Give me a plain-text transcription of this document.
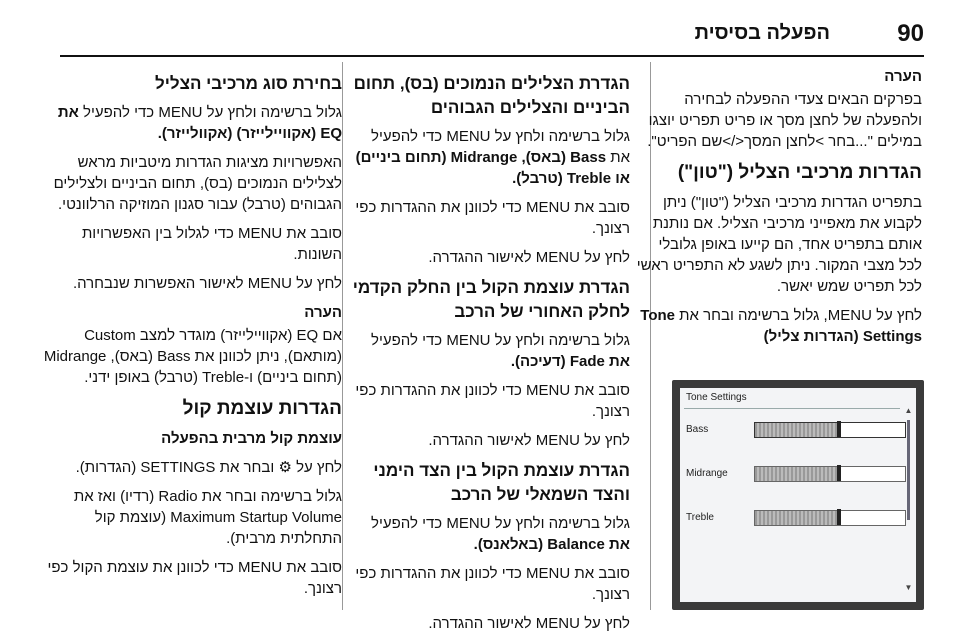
הפעלה בסיסית	90
הערה

בפרקים הבאים צעדי ההפעלה לבחירה ולהפעלה של לחצן מסך או פריט תפריט יוצגו במילים "...בחר >לחצן המסך</>שם הפריט".

הגדרות מרכיבי הצליל ("טון")

בתפריט הגדרות מרכיבי הצליל ("טון") ניתן לקבוע את מאפייני מרכיבי הצליל. אם נותנת אותם בתפריט אחד, הם קייעו באופן גלובלי לכל מצבי המקור. ניתן לשגע לא התפריט ראשי לכל תפריט שמש יאשר.

לחץ על MENU, גלול ברשימה ובחר את Tone Settings (הגדרות צליל)

Tone Settings
▲
▼
Bass
Midrange
Treble
הגדרת הצלילים הנמוכים (בס), תחום הביניים והצלילים הגבוהים

גלול ברשימה ולחץ על MENU כדי להפעיל את Bass (באס), Midrange (תחום ביניים) או Treble (טרבל).

סובב את MENU כדי לכוונן את ההגדרות כפי רצונך.

לחץ על MENU לאישור ההגדרה.

הגדרת עוצמת הקול בין החלק הקדמי לחלק האחורי של הרכב

גלול ברשימה ולחץ על MENU כדי להפעיל את Fade (דעיכה).

סובב את MENU כדי לכוונן את ההגדרות כפי רצונך.

לחץ על MENU לאישור ההגדרה.

הגדרת עוצמת הקול בין הצד הימני והצד השמאלי של הרכב

גלול ברשימה ולחץ על MENU כדי להפעיל את Balance (באלאנס).

סובב את MENU כדי לכוונן את ההגדרות כפי רצונך.

לחץ על MENU לאישור ההגדרה.

בחירת סוג מרכיבי הצליל

גלול ברשימה ולחץ על MENU כדי להפעיל את EQ (אקוויילייזר) (אקוולייזר).

האפשרויות מציגות הגדרות מיטביות מראש לצלילים הנמוכים (בס), תחום הביניים ולצלילים הגבוהים (טרבל) עבור סגנון המוזיקה הרלוונטי.

סובב את MENU כדי לגלול בין האפשרויות השונות.

לחץ על MENU לאישור האפשרות שנבחרה.

הערה

אם EQ (אקוויילייזר) מוגדר למצב Custom (מותאם), ניתן לכוונן את Bass (באס), Midrange (תחום ביניים) ו-Treble (טרבל) באופן ידני.

הגדרות עוצמת קול
עוצמת קול מרבית בהפעלה

לחץ על ⚙ ובחר את SETTINGS (הגדרות).

גלול ברשימה ובחר את Radio (רדיו) ואז את Maximum Startup Volume (עוצמת קול התחלתית מרבית).

סובב את MENU כדי לכוונן את עוצמת הקול כפי רצונך.
